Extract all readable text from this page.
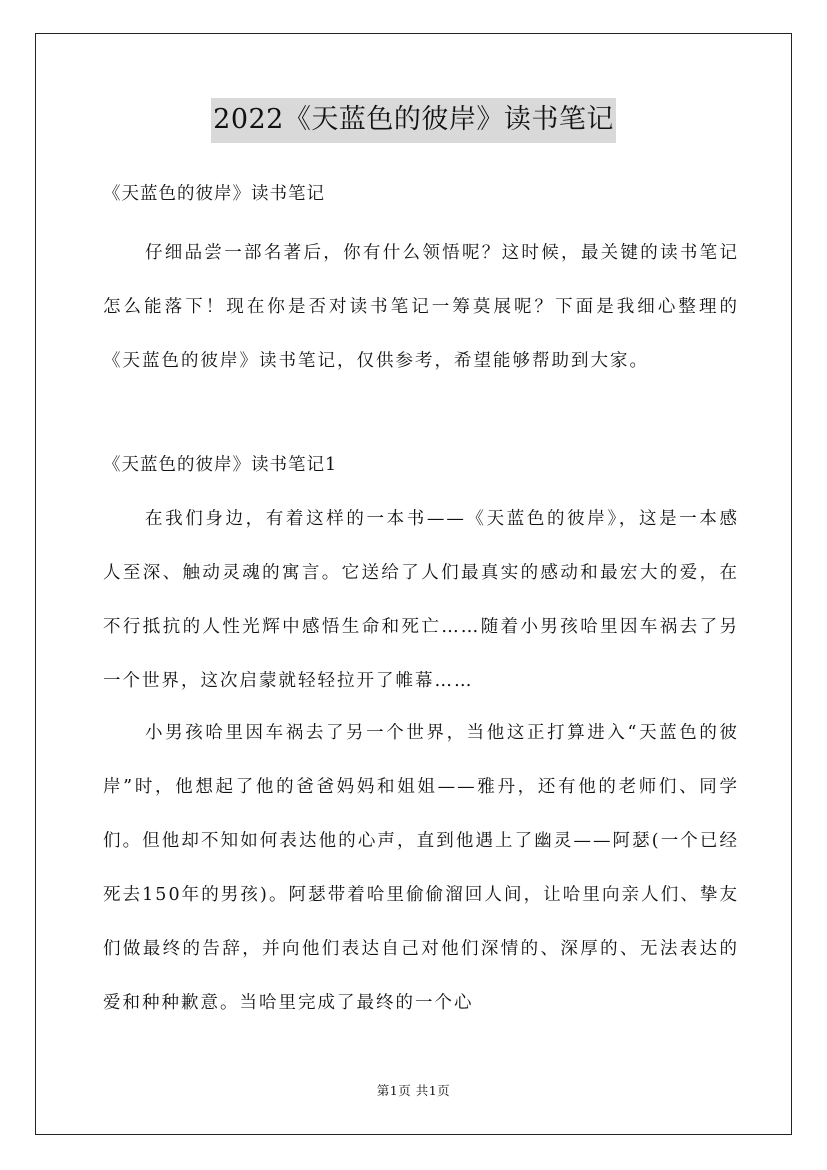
2022《天蓝色的彼岸》读书笔记
《天蓝色的彼岸》读书笔记

仔细品尝一部名著后，你有什么领悟呢？这时候，最关键的读书笔记怎么能落下！现在你是否对读书笔记一筹莫展呢？下面是我细心整理的《天蓝色的彼岸》读书笔记，仅供参考，希望能够帮助到大家。

《天蓝色的彼岸》读书笔记1

在我们身边，有着这样的一本书——《天蓝色的彼岸》，这是一本感人至深、触动灵魂的寓言。它送给了人们最真实的感动和最宏大的爱，在不行抵抗的人性光辉中感悟生命和死亡……随着小男孩哈里因车祸去了另一个世界，这次启蒙就轻轻拉开了帷幕……

小男孩哈里因车祸去了另一个世界，当他这正打算进入“天蓝色的彼岸”时，他想起了他的爸爸妈妈和姐姐——雅丹，还有他的老师们、同学们。但他却不知如何表达他的心声，直到他遇上了幽灵——阿瑟(一个已经死去150年的男孩)。阿瑟带着哈里偷偷溜回人间，让哈里向亲人们、挚友们做最终的告辞，并向他们表达自己对他们深情的、深厚的、无法表达的爱和种种歉意。当哈里完成了最终的一个心

第1页 共1页
